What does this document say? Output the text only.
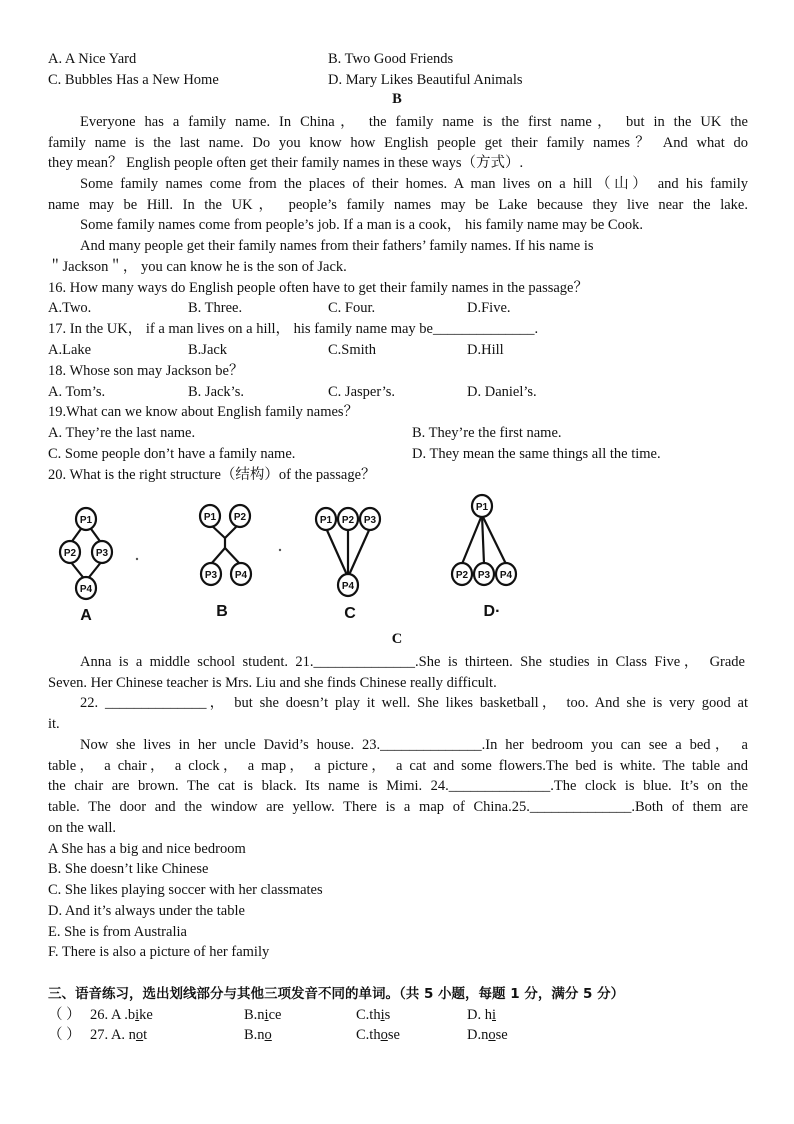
A. A Nice Yard	B. Two Good Friends
C. Bubbles Has a New Home	D. Mary Likes Beautiful Animals
B
Everyone has a family name. In China， the family name is the first name， but in the UK the
family name is the last name. Do you know how English people get their family names？ And what do
they mean？ English people often get their family names in these ways（方式）.
Some family names come from the places of their homes. A man lives on a hill（山） and his family
name may be Hill. In the UK， people’s family names may be Lake because they live near the lake.
Some family names come from people’s job. If a man is a cook， his family name may be Cook.
And many people get their family names from their fathers’ family names. If his name is
＂Jackson＂， you can know he is the son of Jack.
16. How many ways do English people often have to get their family names in the passage？
A.Two.	B. Three.	C. Four.	D.Five.
17. In the UK， if a man lives on a hill， his family name may be______________.
A.Lake	B.Jack	C.Smith	D.Hill
18. Whose son may Jackson be？
A. Tom’s.	B. Jack’s.	C. Jasper’s.	D. Daniel’s.
19.What can we know about English family names？
A. They’re the last name.	B. They’re the first name.
C. Some people don’t have a family name.	D. They mean the same things all the time.
20. What is the right structure（结构）of the passage？
P1
P2 P3
P4
P1 P2
P3 P4
P1 P2 P3
P4
P1
P2 P3 P4
A	B	C	D·
C
Anna is a middle school student. 21.______________.She is thirteen. She studies in Class Five， Grade
Seven. Her Chinese teacher is Mrs. Liu and she finds Chinese really difficult.
22. ______________， but she doesn’t play it well. She likes basketball， too. And she is very good at
it.
Now she lives in her uncle David’s house. 23.______________.In her bedroom you can see a bed， a
table， a chair， a clock， a map， a picture， a cat and some flowers.The bed is white. The table and
the chair are brown. The cat is black. Its name is Mimi. 24.______________.The clock is blue. It’s on the
table. The door and the window are yellow. There is a map of China.25.______________.Both of them are
on the wall.
A She has a big and nice bedroom
B. She doesn’t like Chinese
C. She likes playing soccer with her classmates
D. And it’s always under the table
E. She is from Australia
F. There is also a picture of her family
三、语音练习，选出划线部分与其他三项发音不同的单词。（共 5 小题，每题 1 分，满分 5 分）
（ ） 26. A .bike	B.nice	C.this	D. hi
（ ） 27. A. not	B.no	C.those	D.nose
